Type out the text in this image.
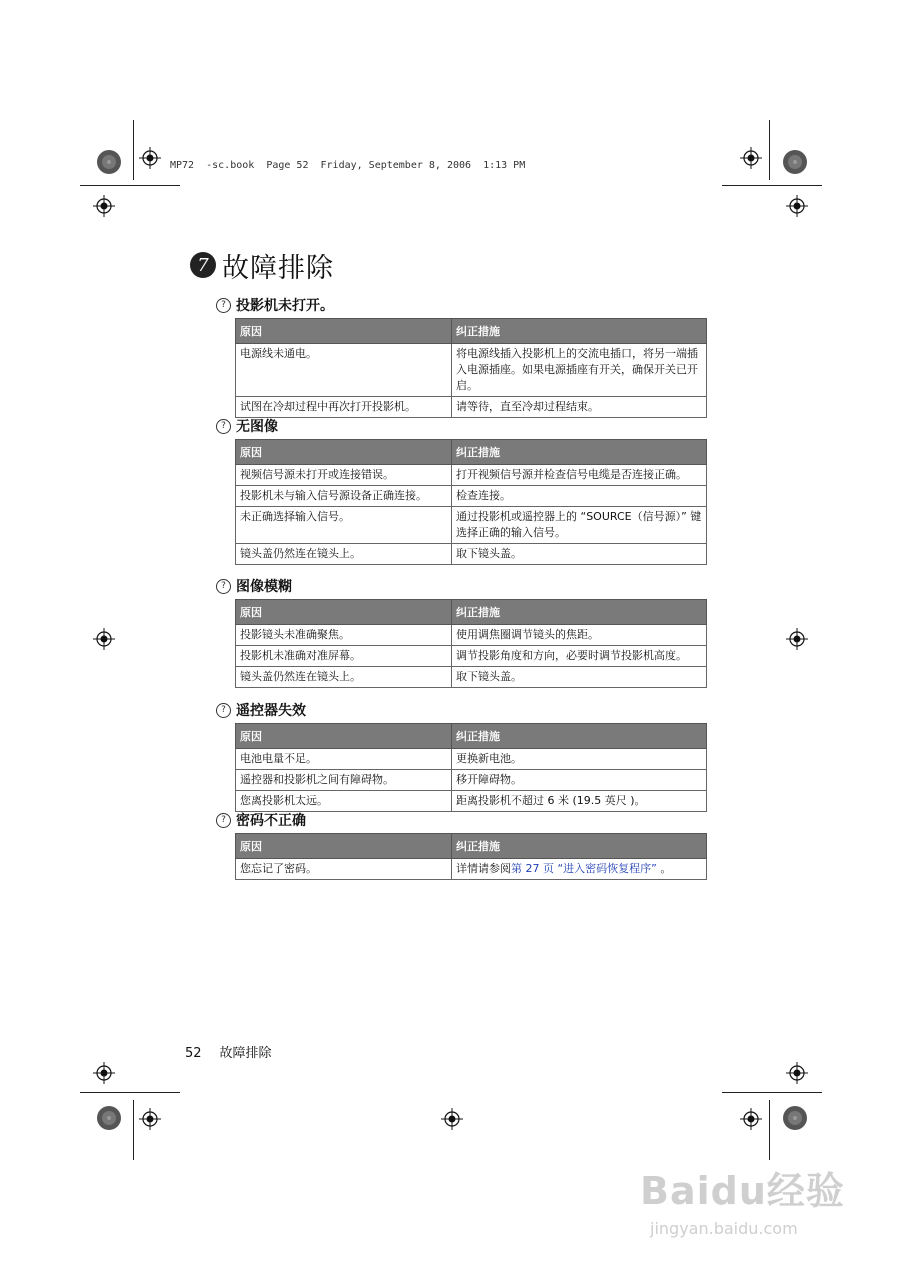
MP72  -sc.book  Page 52  Friday, September 8, 2006  1:13 PM
7 故障排除
? 投影机未打开。
原因	纠正措施
电源线未通电。	将电源线插入投影机上的交流电插口，将另一端插入电源插座。如果电源插座有开关，确保开关已开启。
试图在冷却过程中再次打开投影机。	请等待，直至冷却过程结束。
? 无图像
原因	纠正措施
视频信号源未打开或连接错误。	打开视频信号源并检查信号电缆是否连接正确。
投影机未与输入信号源设备正确连接。	检查连接。
未正确选择输入信号。	通过投影机或遥控器上的 “SOURCE（信号源）” 键选择正确的输入信号。
镜头盖仍然连在镜头上。	取下镜头盖。
? 图像模糊
原因	纠正措施
投影镜头未准确聚焦。	使用调焦圈调节镜头的焦距。
投影机未准确对准屏幕。	调节投影角度和方向，必要时调节投影机高度。
镜头盖仍然连在镜头上。	取下镜头盖。
? 遥控器失效
原因	纠正措施
电池电量不足。	更换新电池。
遥控器和投影机之间有障碍物。	移开障碍物。
您离投影机太远。	距离投影机不超过 6 米 (19.5 英尺 )。
? 密码不正确
原因	纠正措施
您忘记了密码。	详情请参阅第 27 页 “进入密码恢复程序” 。
52 故障排除
Baidu经验
jingyan.baidu.com
